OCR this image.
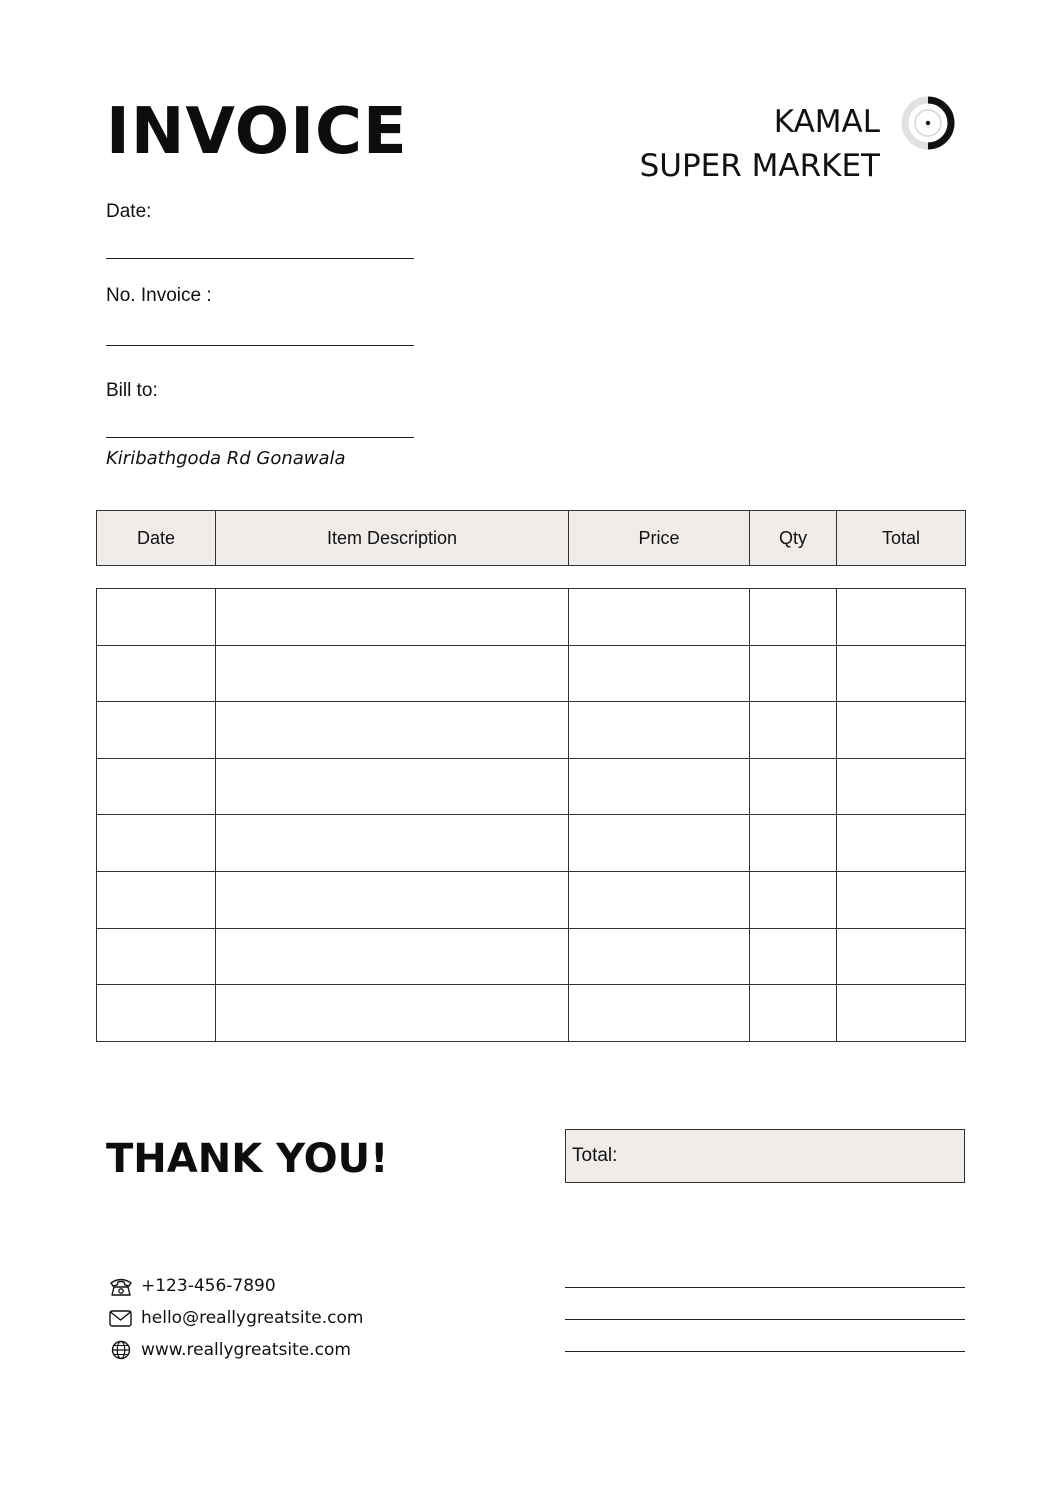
INVOICE	KAMAL
SUPER MARKET
Date:
No. Invoice :
Bill to:
Kiribathgoda Rd Gonawala
Date	Item Description	Price	Qty	Total

THANK YOU!	Total:
+123-456-7890
hello@reallygreatsite.com
www.reallygreatsite.com
